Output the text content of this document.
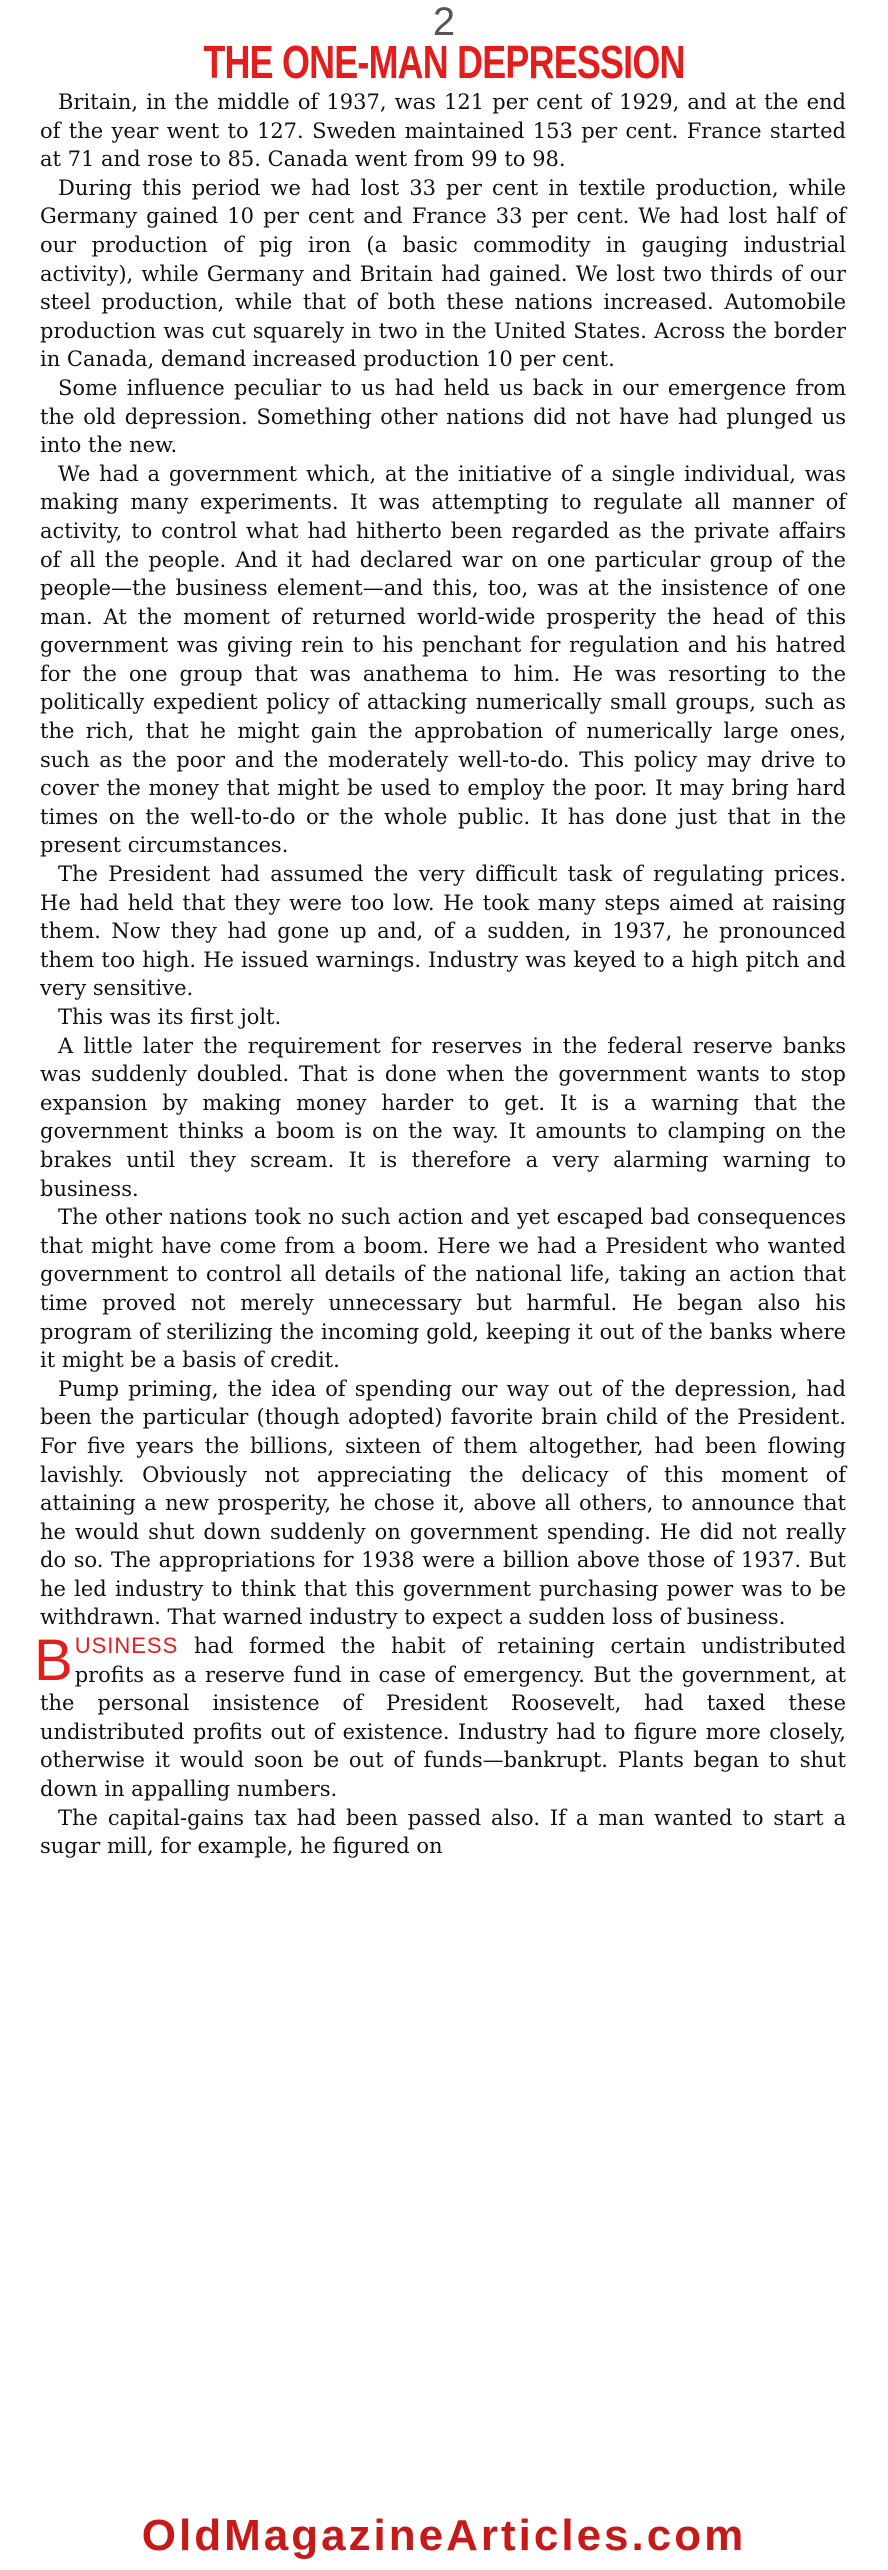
2
THE ONE-MAN DEPRESSION

Britain, in the middle of 1937, was 121 per cent of 1929, and at the end of the year went to 127. Sweden maintained 153 per cent. France started at 71 and rose to 85. Canada went from 99 to 98.

During this period we had lost 33 per cent in textile production, while Germany gained 10 per cent and France 33 per cent. We had lost half of our production of pig iron (a basic commodity in gauging industrial activity), while Germany and Britain had gained. We lost two thirds of our steel production, while that of both these nations increased. Automobile production was cut squarely in two in the United States. Across the border in Canada, demand increased production 10 per cent.

Some influence peculiar to us had held us back in our emergence from the old depression. Something other nations did not have had plunged us into the new.

We had a government which, at the initiative of a single individual, was making many experiments. It was attempting to regulate all manner of activity, to control what had hitherto been regarded as the private affairs of all the people. And it had declared war on one particular group of the people—the business element—and this, too, was at the insistence of one man. At the moment of returned world-wide prosperity the head of this government was giving rein to his penchant for regulation and his hatred for the one group that was anathema to him. He was resorting to the politically expedient policy of attacking numerically small groups, such as the rich, that he might gain the approbation of numerically large ones, such as the poor and the moderately well-to-do. This policy may drive to cover the money that might be used to employ the poor. It may bring hard times on the well-to-do or the whole public. It has done just that in the present circumstances.

The President had assumed the very difficult task of regulating prices. He had held that they were too low. He took many steps aimed at raising them. Now they had gone up and, of a sudden, in 1937, he pronounced them too high. He issued warnings. Industry was keyed to a high pitch and very sensitive.

This was its first jolt.

A little later the requirement for reserves in the federal reserve banks was suddenly doubled. That is done when the government wants to stop expansion by making money harder to get. It is a warning that the government thinks a boom is on the way. It amounts to clamping on the brakes until they scream. It is therefore a very alarming warning to business.

The other nations took no such action and yet escaped bad consequences that might have come from a boom. Here we had a President who wanted government to control all details of the national life, taking an action that time proved not merely unnecessary but harmful. He began also his program of sterilizing the incoming gold, keeping it out of the banks where it might be a basis of credit.

Pump priming, the idea of spending our way out of the depression, had been the particular (though adopted) favorite brain child of the President. For five years the billions, sixteen of them altogether, had been flowing lavishly. Obviously not appreciating the delicacy of this moment of attaining a new prosperity, he chose it, above all others, to announce that he would shut down suddenly on government spending. He did not really do so. The appropriations for 1938 were a billion above those of 1937. But he led industry to think that this government purchasing power was to be withdrawn. That warned industry to expect a sudden loss of business.

BUSINESS had formed the habit of retaining certain undistributed profits as a reserve fund in case of emergency. But the government, at the personal insistence of President Roosevelt, had taxed these undistributed profits out of existence. Industry had to figure more closely, otherwise it would soon be out of funds—bankrupt. Plants began to shut down in appalling numbers.

The capital-gains tax had been passed also. If a man wanted to start a sugar mill, for example, he figured on

OldMagazineArticles.com
